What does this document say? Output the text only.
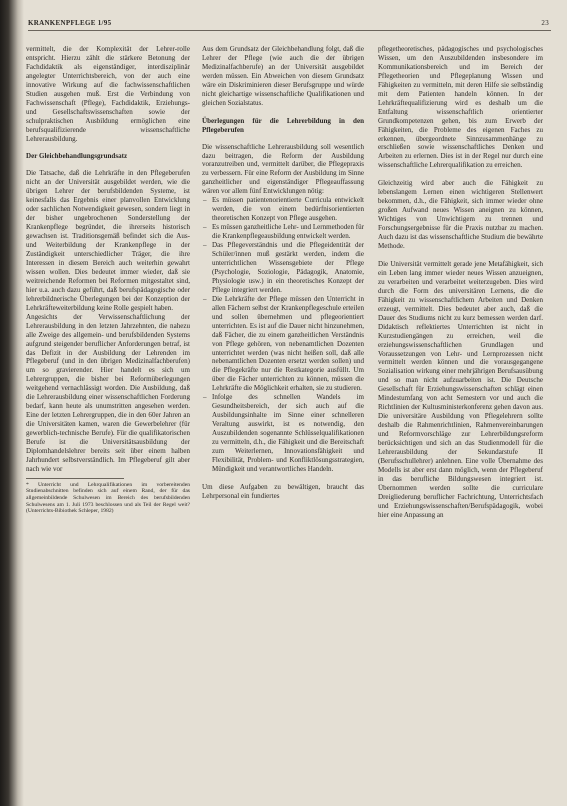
KRANKENPFLEGE 1/95	23

vermittelt, die der Komplexität der Lehrer-rolle entspricht. Hierzu zählt die stärkere Betonung der Fachdidaktik als eigenständiger, interdisziplinär angelegter Unterrichtsbereich, von der auch eine innovative Wirkung auf die fachwissenschaftlichen Studien ausgehen muß. Erst die Verbindung von Fachwissenschaft (Pflege), Fachdidaktik, Erziehungs- und Gesellschaftswissenschaften sowie der schulpraktischen Ausbildung ermöglichen eine berufsqualifizierende wissenschaftliche Lehrerausbildung.

Der Gleichbehandlungsgrundsatz

Die Tatsache, daß die Lehrkräfte in den Pflegeberufen nicht an der Universität ausgebildet werden, wie die übrigen Lehrer der berufsbildenden Systeme, ist keinesfalls das Ergebnis einer planvollen Entwicklung oder sachlichen Notwendigkeit gewesen, sondern liegt in der bisher ungebrochenen Sonderstellung der Krankenpflege begründet, die ihrerseits historisch gewachsen ist. Traditionsgemäß befindet sich die Aus- und Weiterbildung der Krankenpflege in der Zuständigkeit unterschiedlicher Träger, die ihre Interessen in diesem Bereich auch weiterhin gewahrt wissen wollen. Dies bedeutet immer wieder, daß sie weitreichende Reformen bei Reformen mitgestaltet sind, hier u.a. auch dazu geführt, daß berufspädagogische oder lehrerbildnerische Überlegungen bei der Konzeption der Lehrkräfteweiterbildung keine Rolle gespielt haben.

Angesichts der Verwissenschaftlichung der Lehrerausbildung in den letzten Jahrzehnten, die nahezu alle Zweige des allgemein- und berufsbildenden Systems aufgrund steigender beruflicher Anforderungen betraf, ist das Defizit in der Ausbildung der Lehrenden im Pflegeberuf (und in den übrigen Medizinalfachberufen) um so gravierender. Hier handelt es sich um Lehrergruppen, die bisher bei Reformüberlegungen weitgehend vernachlässigt worden. Die Ausbildung, daß die Lehrerausbildung einer wissenschaftlichen Forderung bedarf, kann heute als unumstritten angesehen werden. Eine der letzten Lehrergruppen, die in den 60er Jahren an die Universitäten kamen, waren die Gewerbelehrer (für gewerblich-technische Berufe). Für die qualifikatorischen Berufe ist die Universitätsausbildung der Diplomhandelslehrer bereits seit über einem halben Jahrhundert selbstverständlich. Im Pflegeberuf gilt aber nach wie vor

* Unterricht und Lehrqualifikationen im vorbereitenden Studienabschnitten befinden sich auf einem Rand, der für das allgemeinbildende Schulwesen im Bereich des berufsbildenden Schulwesens am 1. Juli 1973 beschlossen und als Teil der Regel weit? (Unterrichts-Bibiothek Schleper, 1982)

Aus dem Grundsatz der Gleichbehandlung folgt, daß die Lehrer der Pflege (wie auch die der übrigen Medizinalfachberufe) an der Universität ausgebildet werden müssen. Ein Abweichen von diesem Grundsatz wäre ein Diskriminieren dieser Berufsgruppe und würde nicht gleichartige wissenschaftliche Qualifikationen und gleichen Sozialstatus.

Überlegungen für die Lehrerbildung in den Pflegeberufen

Die wissenschaftliche Lehrerausbildung soll wesentlich dazu beitragen, die Reform der Ausbildung voranzutreiben und, vermittelt darüber, die Pflegepraxis zu verbessern. Für eine Reform der Ausbildung im Sinne ganzheitlicher und eigenständiger Pflegeauffassung wären vor allem fünf Entwicklungen nötig:

– Es müssen patientenorientierte Curricula entwickelt werden, die von einem bedürfnisorientierten theoretischen Konzept von Pflege ausgehen.
– Es müssen ganzheitliche Lehr- und Lernmethoden für die Krankenpflegeausbildung entwickelt werden.
– Das Pflegeverständnis und die Pflegeidentität der Schüler/innen muß gestärkt werden, indem die unterrichtlichen Wissensgebiete der Pflege (Psychologie, Soziologie, Pädagogik, Anatomie, Physiologie usw.) in ein theoretisches Konzept der Pflege integriert werden.
– Die Lehrkräfte der Pflege müssen den Unterricht in allen Fächern selbst der Krankenpflegeschule erteilen und sollen übernehmen und pflegeorientiert unterrichten. Es ist auf die Dauer nicht hinzunehmen, daß Fächer, die zu einem ganzheitlichen Verständnis von Pflege gehören, von nebenamtlichen Dozenten unterrichtet werden (was nicht heißen soll, daß alle nebenamtlichen Dozenten ersetzt werden sollen) und die Pflegekräfte nur die Restkategorie ausfüllt. Um über die Fächer unterrichten zu können, müssen die Lehrkräfte die Möglichkeit erhalten, sie zu studieren.
– Infolge des schnellen Wandels im Gesundheitsbereich, der sich auch auf die Ausbildungsinhalte im Sinne einer schnelleren Veraltung auswirkt, ist es notwendig, den Auszubildenden sogenannte Schlüsselqualifikationen zu vermitteln, d.h., die Fähigkeit und die Bereitschaft zum Weiterlernen, Innovationsfähigkeit und Flexibilität, Problem- und Konfliktlösungsstrategien, Mündigkeit und verantwortliches Handeln.

Um diese Aufgaben zu bewältigen, braucht das Lehrpersonal ein fundiertes

pflegetheoretisches, pädagogisches und psychologisches Wissen, um den Auszubildenden insbesondere im Kommunikationsbereich und im Bereich der Pflegetheorien und Pflegeplanung Wissen und Fähigkeiten zu vermitteln, mit deren Hilfe sie selbständig mit dem Patienten handeln können. In der Lehrkräftequalifizierung wird es deshalb um die Entfaltung wissenschaftlich orientierter Grundkompetenzen gehen, bis zum Erwerb der Fähigkeiten, die Probleme des eigenen Faches zu erkennen, übergeordnete Sinnzusammenhänge zu erschließen sowie wissenschaftliches Denken und Arbeiten zu erlernen. Dies ist in der Regel nur durch eine wissenschaftliche Lehrerqualifikation zu erreichen.

Gleichzeitig wird aber auch die Fähigkeit zu lebenslangem Lernen einen wichtigeren Stellenwert bekommen, d.h., die Fähigkeit, sich immer wieder ohne großen Aufwand neues Wissen aneignen zu können, Wichtiges von Unwichtigem zu trennen und Forschungsergebnisse für die Praxis nutzbar zu machen. Auch dazu ist das wissenschaftliche Studium die bewährte Methode.

Die Universität vermittelt gerade jene Metafähigkeit, sich ein Leben lang immer wieder neues Wissen anzueignen, zu verarbeiten und verarbeitet weiterzugeben. Dies wird durch die Form des universitären Lernens, die die Fähigkeit zu wissenschaftlichem Arbeiten und Denken erzeugt, vermittelt. Dies bedeutet aber auch, daß die Dauer des Studiums nicht zu kurz bemessen werden darf. Didaktisch reflektiertes Unterrichten ist nicht in Kurzstudiengängen zu erreichen, weil die erziehungswissenschaftlichen Grundlagen und Voraussetzungen von Lehr- und Lernprozessen nicht vermittelt werden können und die vorausgegangene Sozialisation wirkung einer mehrjährigen Berufsausübung und so man nicht aufzuarbeiten ist. Die Deutsche Gesellschaft für Erziehungswissenschaften schlägt einen Mindestumfang von acht Semestern vor und auch die Richtlinien der Kultusministerkonferenz gehen davon aus. Die universitäre Ausbildung von Pflegelehrern sollte deshalb die Rahmenrichtlinien, Rahmenvereinbarungen und Reformvorschläge zur Lehrerbildungsreform berücksichtigen und sich an das Studienmodell für die Lehrerausbildung der Sekundarstufe II (Berufsschullehrer) anlehnen. Eine volle Übernahme des Modells ist aber erst dann möglich, wenn der Pflegeberuf in das berufliche Bildungswesen integriert ist. Übernommen werden sollte die curriculare Dreigliederung beruflicher Fachrichtung, Unterrichtsfach und Erziehungswissenschaften/Berufspädagogik, wobei hier eine Anpassung an
